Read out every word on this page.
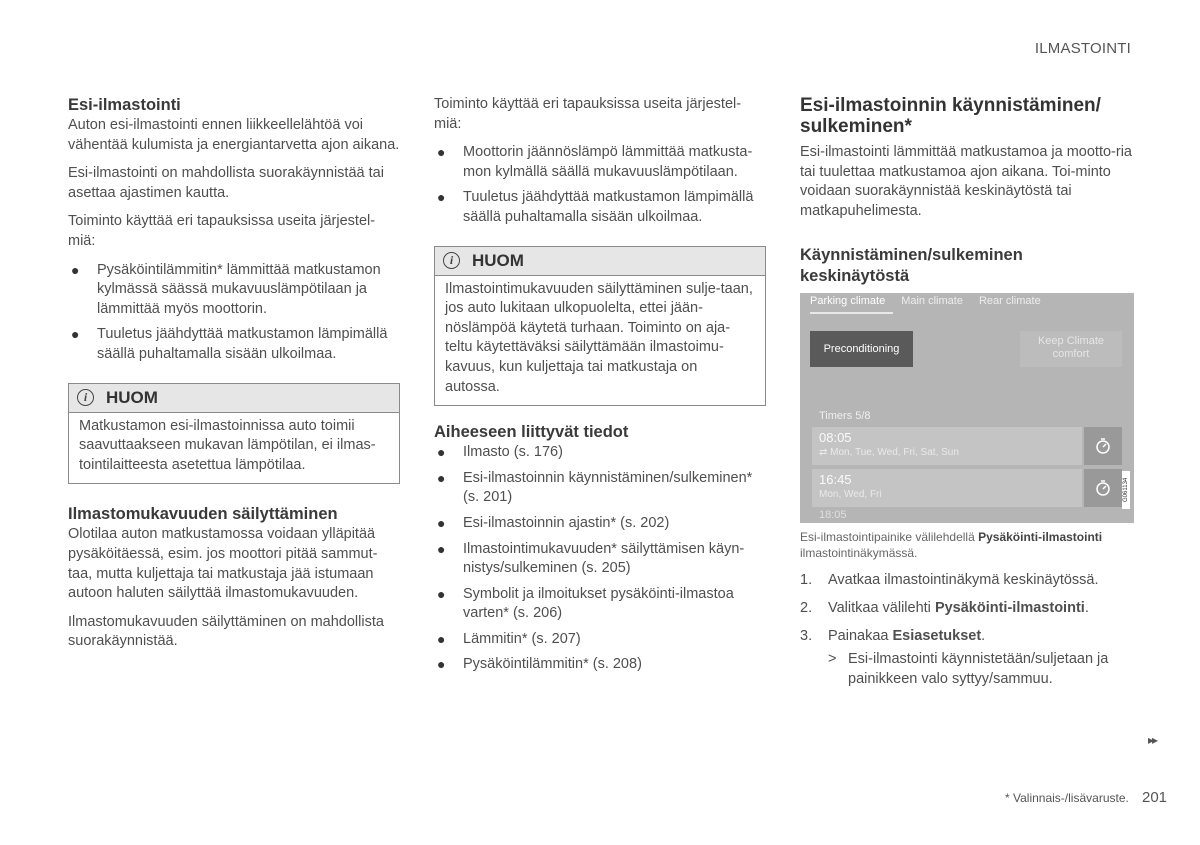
ILMASTOINTI
Esi-ilmastointi

Auton esi-ilmastointi ennen liikkeellelähtöä voi vähentää kulumista ja energiantarvetta ajon aikana.

Esi-ilmastointi on mahdollista suorakäynnistää tai asettaa ajastimen kautta.

Toiminto käyttää eri tapauksissa useita järjestel-miä:

● Pysäköintilämmitin* lämmittää matkustamon kylmässä säässä mukavuuslämpötilaan ja lämmittää myös moottorin.
● Tuuletus jäähdyttää matkustamon lämpimällä säällä puhaltamalla sisään ulkoilmaa.
i	HUOM
Matkustamon esi-ilmastoinnissa auto toimii saavuttaakseen mukavan lämpötilan, ei ilmas-tointilaitteesta asetettua lämpötilaa.
Ilmastomukavuuden säilyttäminen

Olotilaa auton matkustamossa voidaan ylläpitää pysäköitäessä, esim. jos moottori pitää sammut-taa, mutta kuljettaja tai matkustaja jää istumaan autoon haluten säilyttää ilmastomukavuuden.

Ilmastomukavuuden säilyttäminen on mahdollista suorakäynnistää.

Toiminto käyttää eri tapauksissa useita järjestel-miä:

● Moottorin jäännöslämpö lämmittää matkusta-mon kylmällä säällä mukavuuslämpötilaan.
● Tuuletus jäähdyttää matkustamon lämpimällä säällä puhaltamalla sisään ulkoilmaa.
i	HUOM
Ilmastointimukavuuden säilyttäminen sulje-taan, jos auto lukitaan ulkopuolelta, ettei jään-nöslämpöä käytetä turhaan. Toiminto on aja-teltu käytettäväksi säilyttämään ilmastoimu-kavuus, kun kuljettaja tai matkustaja on autossa.
Aiheeseen liittyvät tiedot
● Ilmasto (s. 176)
● Esi-ilmastoinnin käynnistäminen/sulkeminen* (s. 201)
● Esi-ilmastoinnin ajastin* (s. 202)
● Ilmastointimukavuuden* säilyttämisen käyn-nistys/sulkeminen (s. 205)
● Symbolit ja ilmoitukset pysäköinti-ilmastoa varten* (s. 206)
● Lämmitin* (s. 207)
● Pysäköintilämmitin* (s. 208)
Esi-ilmastoinnin käynnistäminen/ sulkeminen*

Esi-ilmastointi lämmittää matkustamoa ja mootto-ria tai tuulettaa matkustamoa ajon aikana. Toi-minto voidaan suorakäynnistää keskinäytöstä tai matkapuhelimesta.

Käynnistäminen/sulkeminen keskinäytöstä
Parking climate	Main climate	Rear climate
Preconditioning
Keep Climate comfort
Timers 5/8
08:05
⇄ Mon, Tue, Wed, Fri, Sat, Sun
16:45
Mon, Wed, Fri
18:05
G061134

Esi-ilmastointipainike välilehdellä Pysäköinti-ilmastointi ilmastointinäkymässä.

1. Avatkaa ilmastointinäkymä keskinäytössä.
2. Valitkaa välilehti Pysäköinti-ilmastointi.
3. Painakaa Esiasetukset.
> Esi-ilmastointi käynnistetään/suljetaan ja painikkeen valo syttyy/sammuu.
▸▸
* Valinnais-/lisävaruste. 201
